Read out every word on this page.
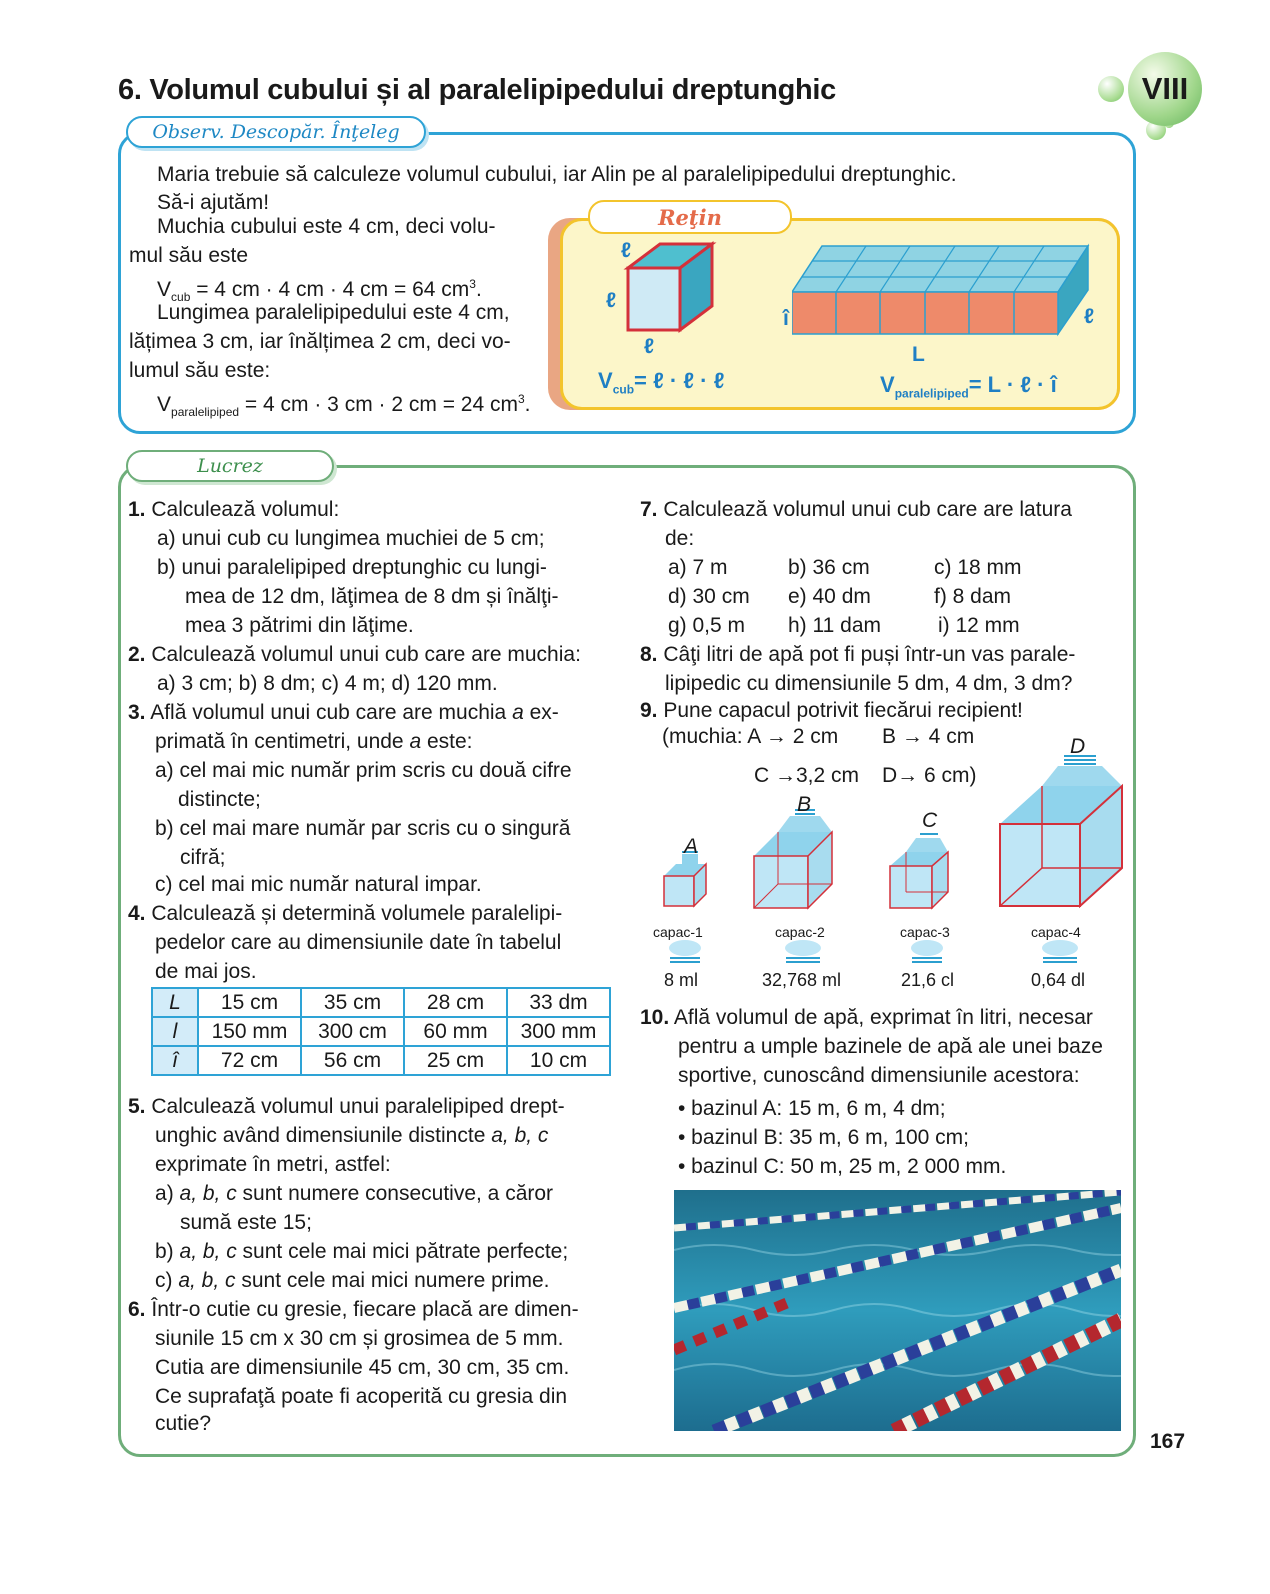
6. Volumul cubului și al paralelipipedului dreptunghic	VIII
Observ. Descopăr. Înţeleg
Maria trebuie să calculeze volumul cubului, iar Alin pe al paralelipipedului dreptunghic.
Să-i ajutăm!
Muchia cubului este 4 cm, deci volu-
mul său este
$V_{cub} = 4$ cm · 4 cm · 4 cm = 64 $cm^3$.
Lungimea paralelipipedului este 4 cm,
lățimea 3 cm, iar înălțimea 2 cm, deci vo-
lumul său este:
$V_{paralelipiped} = 4$ cm · 3 cm · 2 cm = 24 $cm^3$.
Reţin
ℓ
ℓ
ℓ
î	ℓ
L
$V_{cub}=$ ℓ · ℓ · ℓ	$V_{paralelipiped}= L$ · ℓ · î
Lucrez
1. Calculează volumul:
a) unui cub cu lungimea muchiei de 5 cm;
b) unui paralelipiped dreptunghic cu lungi-
mea de 12 dm, lăţimea de 8 dm și înălţi-
mea 3 pătrimi din lăţime.
2. Calculează volumul unui cub care are muchia:
a) 3 cm; b) 8 dm; c) 4 m; d) 120 mm.
3. Află volumul unui cub care are muchia a ex-
primată în centimetri, unde a este:
a) cel mai mic număr prim scris cu două cifre
distincte;
b) cel mai mare număr par scris cu o singură
cifră;
c) cel mai mic număr natural impar.
4. Calculează și determină volumele paralelipi-
pedelor care au dimensiunile date în tabelul
de mai jos.
L	15 cm	35 cm	28 cm	33 dm
l	150 mm	300 cm	60 mm	300 mm
î	72 cm	56 cm	25 cm	10 cm
5. Calculează volumul unui paralelipiped drept-
unghic având dimensiunile distincte a, b, c
exprimate în metri, astfel:
a) a, b, c sunt numere consecutive, a căror
sumă este 15;
b) a, b, c sunt cele mai mici pătrate perfecte;
c) a, b, c sunt cele mai mici numere prime.
6. Într-o cutie cu gresie, fiecare placă are dimen-
siunile 15 cm x 30 cm și grosimea de 5 mm.
Cutia are dimensiunile 45 cm, 30 cm, 35 cm.
Ce suprafaţă poate fi acoperită cu gresia din
cutie?
7. Calculează volumul unui cub care are latura
de:
a) 7 m	b) 36 cm	c) 18 mm
d) 30 cm e) 40 dm	f) 8 dam
g) 0,5 m h) 11 dam	i) 12 mm
8. Câţi litri de apă pot fi puși într-un vas parale-
lipipedic cu dimensiunile 5 dm, 4 dm, 3 dm?
9. Pune capacul potrivit fiecărui recipient!
(muchia: A → 2 cm B → 4 cm
C →3,2 cm D→ 6 cm)
A
B
C
D
capac-1	capac-2	capac-3	capac-4
8 ml	32,768 ml	21,6 cl	0,64 dl
10. Află volumul de apă, exprimat în litri, necesar
pentru a umple bazinele de apă ale unei baze
sportive, cunoscând dimensiunile acestora:
• bazinul A: 15 m, 6 m, 4 dm;
• bazinul B: 35 m, 6 m, 100 cm;
• bazinul C: 50 m, 25 m, 2 000 mm.
167
